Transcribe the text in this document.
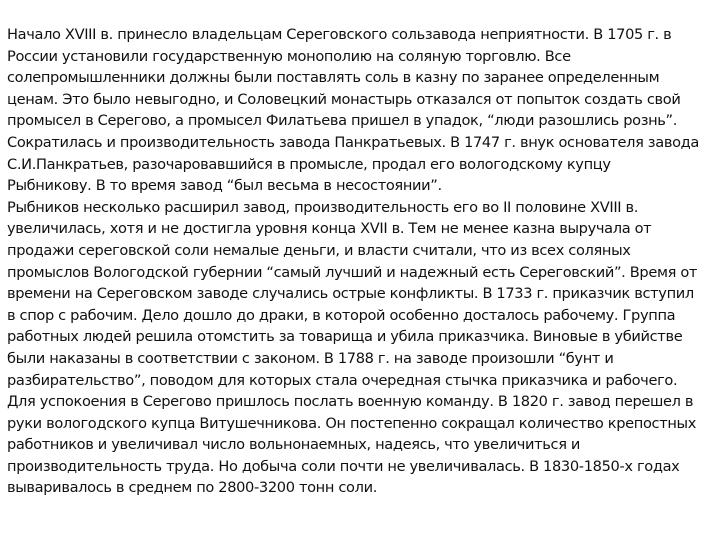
Начало XVIII в. принесло владельцам Сереговского сользавода неприятности. В 1705 г. в
России установили государственную монополию на соляную торговлю. Все
солепромышленники должны были поставлять соль в казну по заранее определенным
ценам. Это было невыгодно, и Соловецкий монастырь отказался от попыток создать свой
промысел в Серегово, а промысел Филатьева пришел в упадок, “люди разошлись рознь”.
Сократилась и производительность завода Панкратьевых. В 1747 г. внук основателя завода
С.И.Панкратьев, разочаровавшийся в промысле, продал его вологодскому купцу
Рыбникову. В то время завод “был весьма в несостоянии”.
Рыбников несколько расширил завод, производительность его во II половине XVIII в.
увеличилась, хотя и не достигла уровня конца XVII в. Тем не менее казна выручала от
продажи сереговской соли немалые деньги, и власти считали, что из всех соляных
промыслов Вологодской губернии “самый лучший и надежный есть Сереговский”. Время от
времени на Сереговском заводе случались острые конфликты. В 1733 г. приказчик вступил
в спор с рабочим. Дело дошло до драки, в которой особенно досталось рабочему. Группа
работных людей решила отомстить за товарища и убила приказчика. Виновые в убийстве
были наказаны в соответствии с законом. В 1788 г. на заводе произошли “бунт и
разбирательство”, поводом для которых стала очередная стычка приказчика и рабочего.
Для успокоения в Серегово пришлось послать военную команду. В 1820 г. завод перешел в
руки вологодского купца Витушечникова. Он постепенно сокращал количество крепостных
работников и увеличивал число вольнонаемных, надеясь, что увеличиться и
производительность труда. Но добыча соли почти не увеличивалась. В 1830-1850-х годах
вываривалось в среднем по 2800-3200 тонн соли.
